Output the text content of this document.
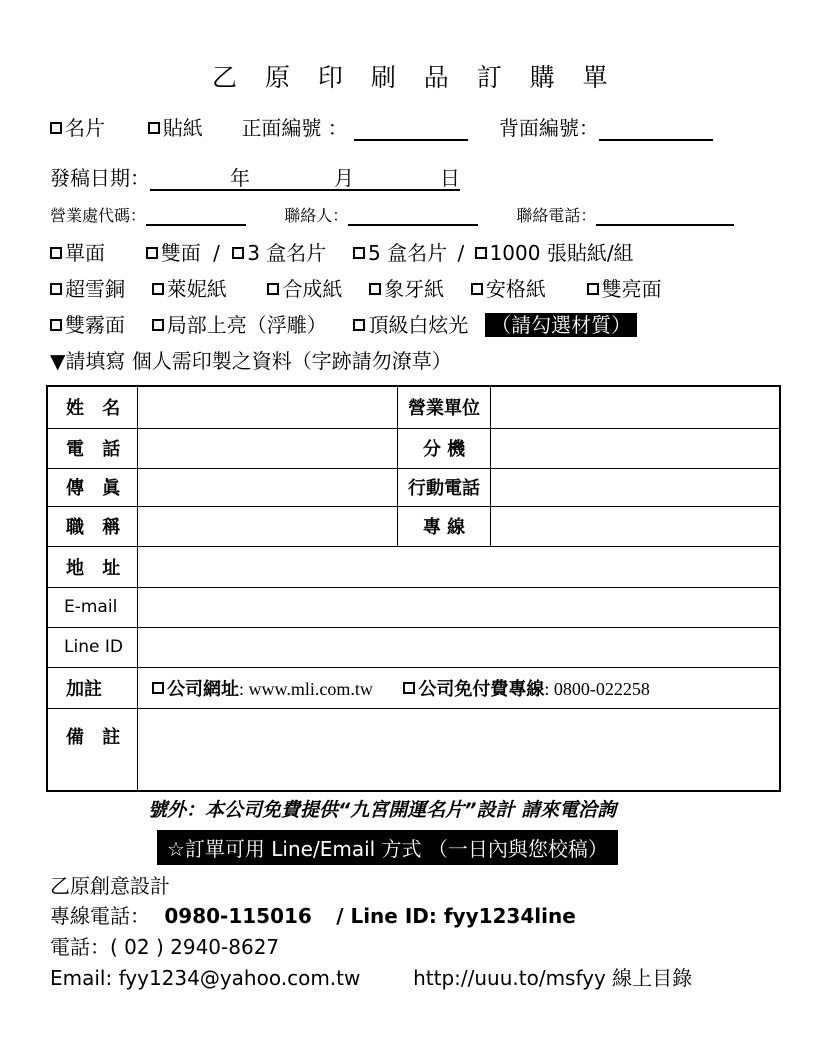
乙 原 印 刷 品 訂 購 單
名片	貼紙 正面編號 ：	背面編號：
發稿日期：	年	月	日
營業處代碼：	聯絡人：	聯絡電話：
單面	雙面 / 3 盒名片 5 盒名片 / 1000 張貼紙/組
超雪銅 萊妮紙	合成紙 象牙紙 安格紙	雙亮面
雙霧面 局部上亮（浮雕） 頂級白炫光 （請勾選材質）
▼請填寫 個人需印製之資料（字跡請勿潦草）
姓 名		營業單位	
電 話		分 機	
傳 眞		行動電話	
職 稱		專 線	
地 址			
E-mail			
Line ID			
加註	公司網址: www.mli.com.tw 公司免付費專線: 0800-022258		
備 註			
號外：本公司免費提供“九宮開運名片”設計 請來電洽詢
☆訂單可用 Line/Email 方式 （一日內與您校稿）
乙原創意設計
專線電話： 0980-115016 / Line ID: fyy1234line
電話：( 02 ) 2940-8627
Email: fyy1234@yahoo.com.tw	http://uuu.to/msfyy 線上目錄
